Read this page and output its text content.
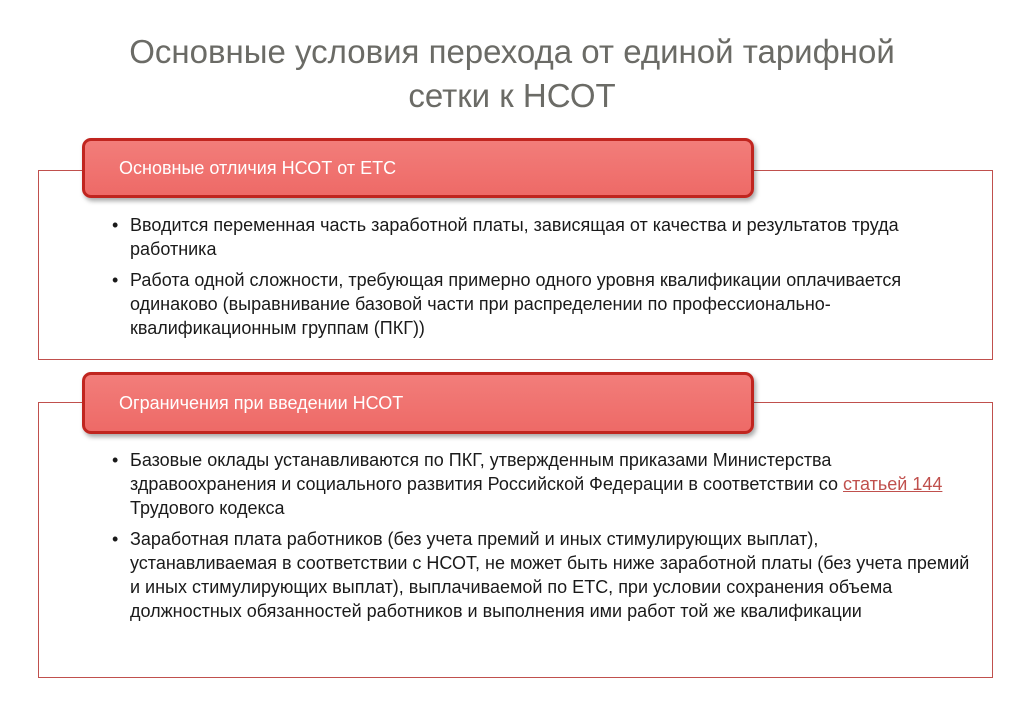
Основные условия перехода от единой тарифной
сетки к НСОТ
Основные отличия НСОТ от ЕТС
• Вводится переменная часть заработной платы, зависящая от качества и результатов труда работника
• Работа одной сложности, требующая примерно одного уровня квалификации оплачивается одинаково (выравнивание базовой части при распределении по профессионально-квалификационным группам (ПКГ))
Ограничения при введении НСОТ
• Базовые оклады устанавливаются по ПКГ, утвержденным приказами Министерства здравоохранения и социального развития Российской Федерации в соответствии со статьей 144 Трудового кодекса
• Заработная плата работников (без учета премий и иных стимулирующих выплат), устанавливаемая в соответствии с НСОТ, не может быть ниже заработной платы (без учета премий и иных стимулирующих выплат), выплачиваемой по ЕТС, при условии сохранения объема должностных обязанностей работников и выполнения ими работ той же квалификации
